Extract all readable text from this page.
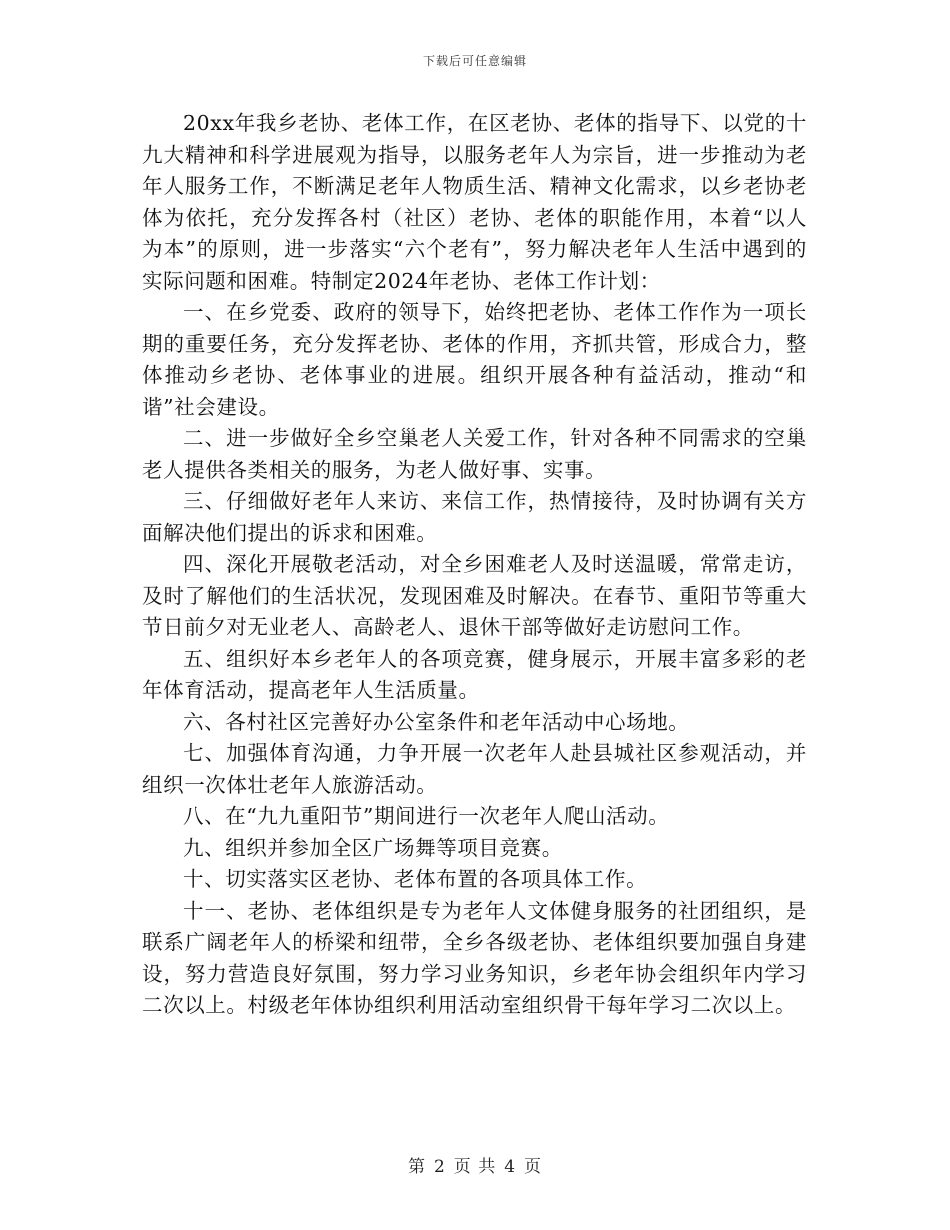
下载后可任意编辑

20xx年我乡老协、老体工作，在区老协、老体的指导下、以党的十九大精神和科学进展观为指导，以服务老年人为宗旨，进一步推动为老年人服务工作，不断满足老年人物质生活、精神文化需求，以乡老协老体为依托，充分发挥各村（社区）老协、老体的职能作用，本着“以人为本”的原则，进一步落实“六个老有”，努力解决老年人生活中遇到的实际问题和困难。特制定2024年老协、老体工作计划：

一、在乡党委、政府的领导下，始终把老协、老体工作作为一项长期的重要任务，充分发挥老协、老体的作用，齐抓共管，形成合力，整体推动乡老协、老体事业的进展。组织开展各种有益活动，推动“和谐”社会建设。

二、进一步做好全乡空巢老人关爱工作，针对各种不同需求的空巢老人提供各类相关的服务，为老人做好事、实事。

三、仔细做好老年人来访、来信工作，热情接待，及时协调有关方面解决他们提出的诉求和困难。

四、深化开展敬老活动，对全乡困难老人及时送温暖，常常走访，及时了解他们的生活状况，发现困难及时解决。在春节、重阳节等重大节日前夕对无业老人、高龄老人、退休干部等做好走访慰问工作。

五、组织好本乡老年人的各项竞赛，健身展示，开展丰富多彩的老年体育活动，提高老年人生活质量。

六、各村社区完善好办公室条件和老年活动中心场地。

七、加强体育沟通，力争开展一次老年人赴县城社区参观活动，并组织一次体壮老年人旅游活动。

八、在“九九重阳节”期间进行一次老年人爬山活动。

九、组织并参加全区广场舞等项目竞赛。

十、切实落实区老协、老体布置的各项具体工作。

十一、老协、老体组织是专为老年人文体健身服务的社团组织，是联系广阔老年人的桥梁和纽带，全乡各级老协、老体组织要加强自身建设，努力营造良好氛围，努力学习业务知识，乡老年协会组织年内学习二次以上。村级老年体协组织利用活动室组织骨干每年学习二次以上。

第 2 页 共 4 页
